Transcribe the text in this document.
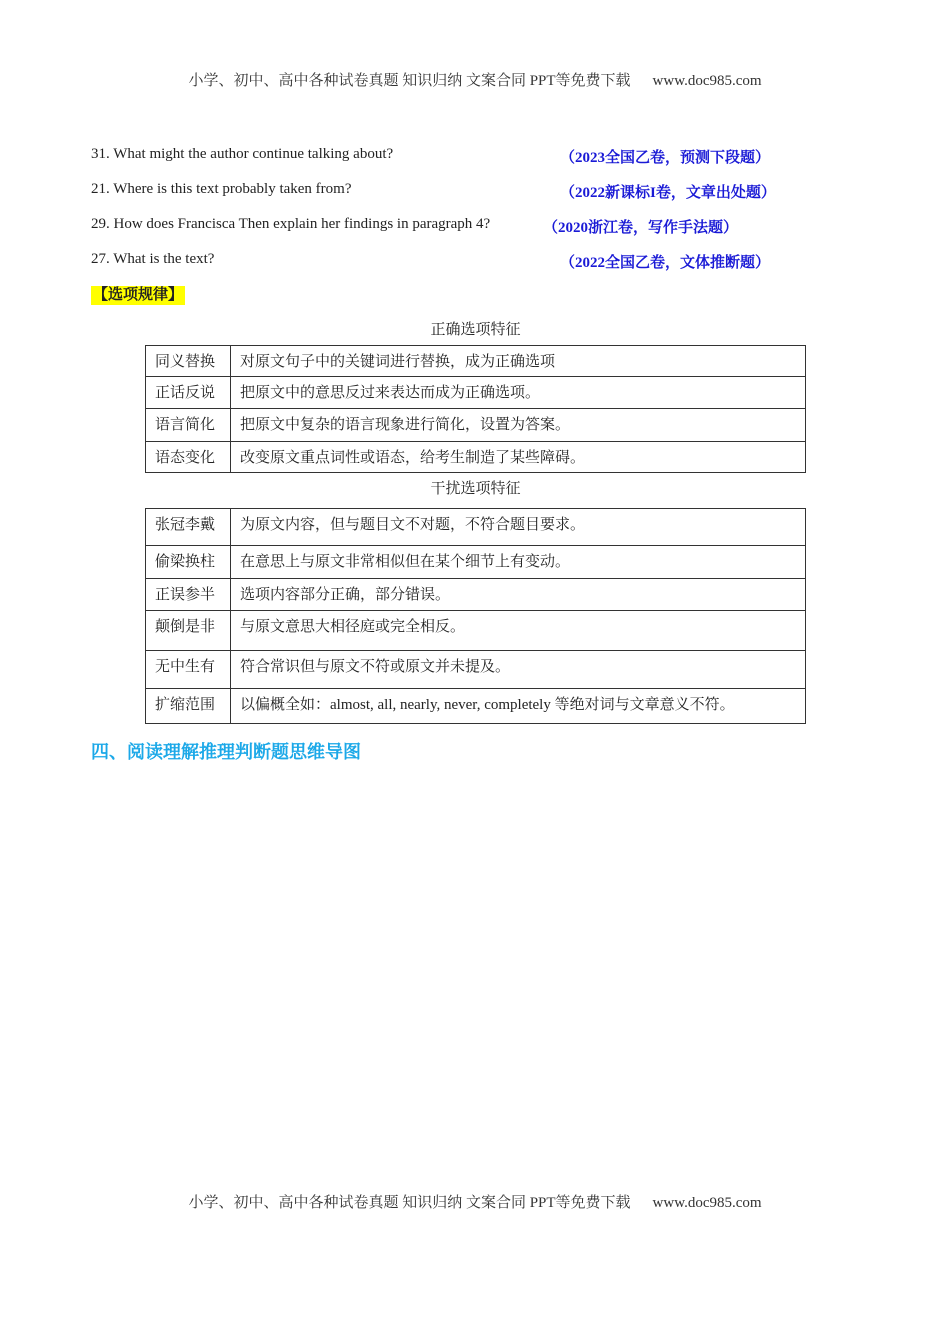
小学、初中、高中各种试卷真题 知识归纳 文案合同 PPT等免费下载 www.doc985.com
31. What might the author continue talking about?	（2023全国乙卷，预测下段题）
21. Where is this text probably taken from?	（2022新课标I卷，文章出处题）
29. How does Francisca Then explain her findings in paragraph 4?	（2020浙江卷，写作手法题）
27. What is the text?	（2022全国乙卷，文体推断题）
【选项规律】
正确选项特征
同义替换	对原文句子中的关键词进行替换，成为正确选项
正话反说	把原文中的意思反过来表达而成为正确选项。
语言简化	把原文中复杂的语言现象进行简化，设置为答案。
语态变化	改变原文重点词性或语态，给考生制造了某些障碍。
干扰选项特征
张冠李戴	为原文内容，但与题目文不对题，不符合题目要求。
偷梁换柱	在意思上与原文非常相似但在某个细节上有变动。
正误参半	选项内容部分正确，部分错误。
颠倒是非	与原文意思大相径庭或完全相反。
无中生有	符合常识但与原文不符或原文并未提及。
扩缩范围	以偏概全如：almost, all, nearly, never, completely 等绝对词与文章意义不符。
四、阅读理解推理判断题思维导图
小学、初中、高中各种试卷真题 知识归纳 文案合同 PPT等免费下载 www.doc985.com
